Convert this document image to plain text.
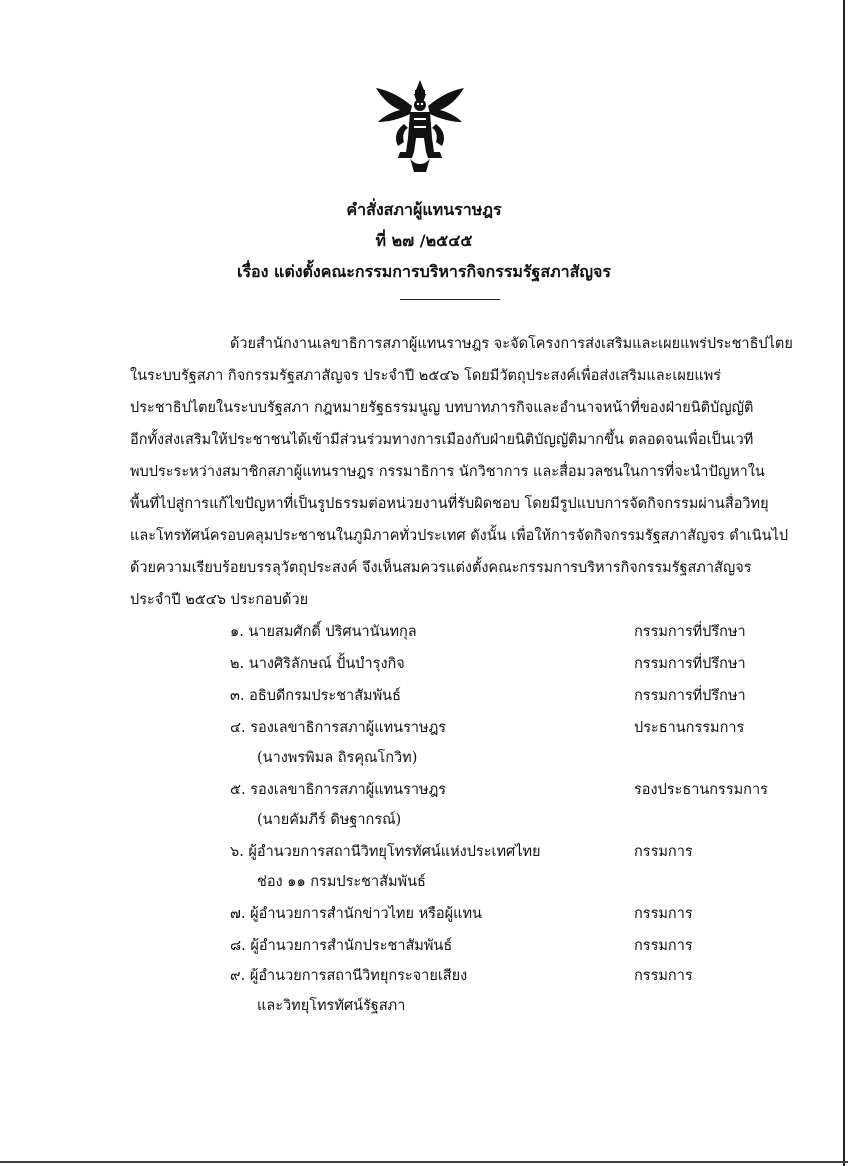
คำสั่งสภาผู้แทนราษฎร
ที่ ๒๗ /๒๕๔๕
เรื่อง แต่งตั้งคณะกรรมการบริหารกิจกรรมรัฐสภาสัญจร
ด้วยสำนักงานเลขาธิการสภาผู้แทนราษฎร จะจัดโครงการส่งเสริมและเผยแพร่ประชาธิปไตย
ในระบบรัฐสภา กิจกรรมรัฐสภาสัญจร ประจำปี ๒๕๔๖ โดยมีวัตถุประสงค์เพื่อส่งเสริมและเผยแพร่
ประชาธิปไตยในระบบรัฐสภา กฎหมายรัฐธรรมนูญ บทบาทภารกิจและอำนาจหน้าที่ของฝ่ายนิติบัญญัติ
อีกทั้งส่งเสริมให้ประชาชนได้เข้ามีส่วนร่วมทางการเมืองกับฝ่ายนิติบัญญัติมากขึ้น ตลอดจนเพื่อเป็นเวที
พบประระหว่างสมาชิกสภาผู้แทนราษฎร กรรมาธิการ นักวิชาการ และสื่อมวลชนในการที่จะนำปัญหาใน
พื้นที่ไปสู่การแก้ไขปัญหาที่เป็นรูปธรรมต่อหน่วยงานที่รับผิดชอบ โดยมีรูปแบบการจัดกิจกรรมผ่านสื่อวิทยุ
และโทรทัศน์ครอบคลุมประชาชนในภูมิภาคทั่วประเทศ ดังนั้น เพื่อให้การจัดกิจกรรมรัฐสภาสัญจร ดำเนินไป
ด้วยความเรียบร้อยบรรลุวัตถุประสงค์ จึงเห็นสมควรแต่งตั้งคณะกรรมการบริหารกิจกรรมรัฐสภาสัญจร
ประจำปี ๒๕๔๖ ประกอบด้วย
๑. นายสมศักดิ์ ปริศนานันทกุล	กรรมการที่ปรึกษา
๒. นางศิริลักษณ์ ปั้นบำรุงกิจ	กรรมการที่ปรึกษา
๓. อธิบดีกรมประชาสัมพันธ์	กรรมการที่ปรึกษา
๔. รองเลขาธิการสภาผู้แทนราษฎร	ประธานกรรมการ
(นางพรพิมล ถิรคุณโกวิท)
๕. รองเลขาธิการสภาผู้แทนราษฎร	รองประธานกรรมการ
(นายคัมภีร์ ดิษฐากรณ์)
๖. ผู้อำนวยการสถานีวิทยุโทรทัศน์แห่งประเทศไทย	กรรมการ
ช่อง ๑๑ กรมประชาสัมพันธ์
๗. ผู้อำนวยการสำนักข่าวไทย หรือผู้แทน	กรรมการ
๘. ผู้อำนวยการสำนักประชาสัมพันธ์	กรรมการ
๙. ผู้อำนวยการสถานีวิทยุกระจายเสียง	กรรมการ
และวิทยุโทรทัศน์รัฐสภา
